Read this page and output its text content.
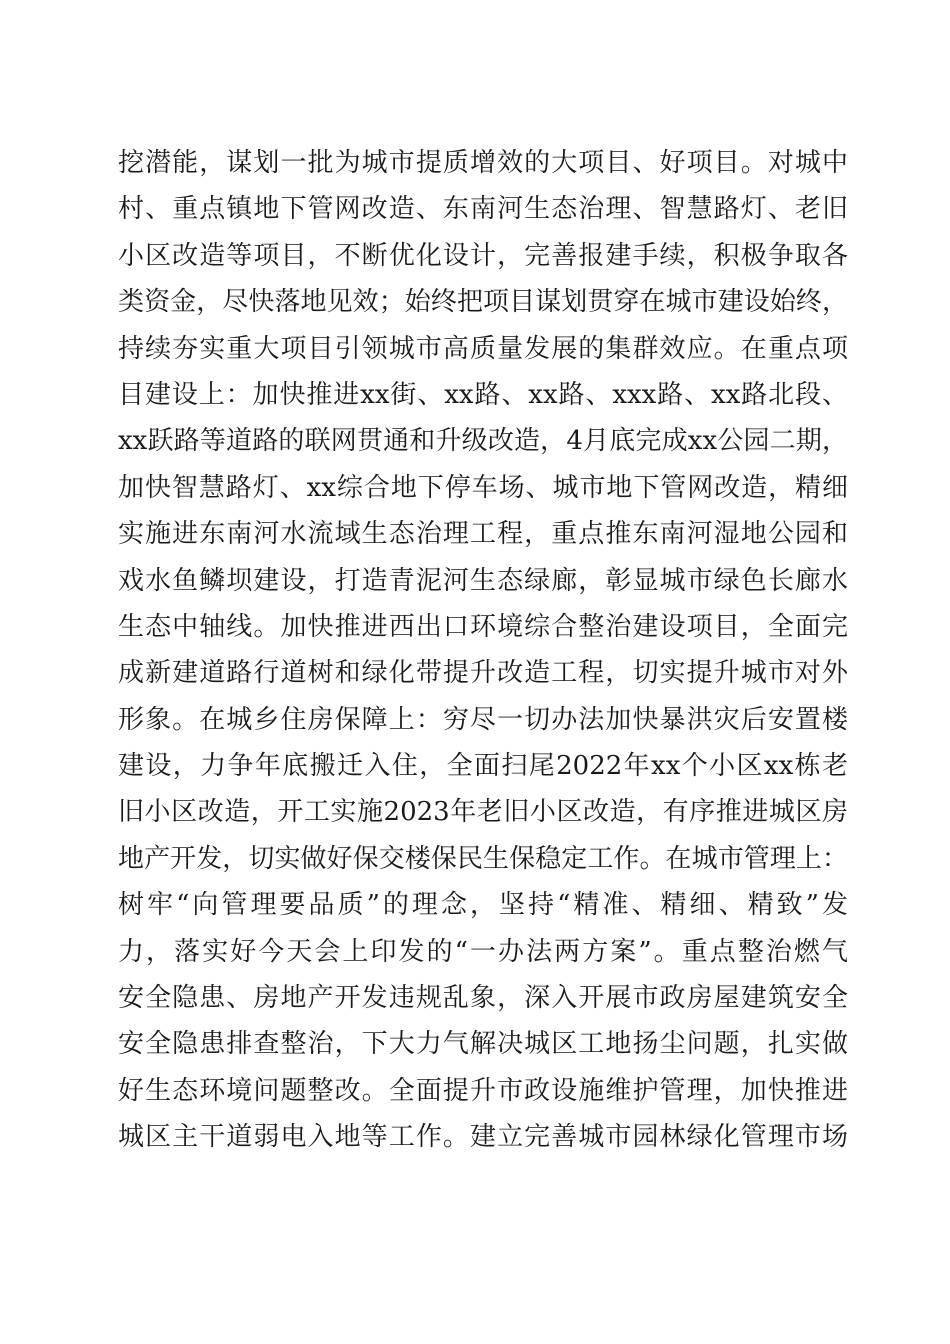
挖潜能，谋划一批为城市提质增效的大项目、好项目。对城中
村、重点镇地下管网改造、东南河生态治理、智慧路灯、老旧
小区改造等项目，不断优化设计，完善报建手续，积极争取各
类资金，尽快落地见效；始终把项目谋划贯穿在城市建设始终，
持续夯实重大项目引领城市高质量发展的集群效应。在重点项
目建设上：加快推进xx街、xx路、xx路、xxx路、xx路北段、
xx跃路等道路的联网贯通和升级改造，4月底完成xx公园二期，
加快智慧路灯、xx综合地下停车场、城市地下管网改造，精细
实施进东南河水流域生态治理工程，重点推东南河湿地公园和
戏水鱼鳞坝建设，打造青泥河生态绿廊，彰显城市绿色长廊水
生态中轴线。加快推进西出口环境综合整治建设项目，全面完
成新建道路行道树和绿化带提升改造工程，切实提升城市对外
形象。在城乡住房保障上：穷尽一切办法加快暴洪灾后安置楼
建设，力争年底搬迁入住，全面扫尾2022年xx个小区xx栋老
旧小区改造，开工实施2023年老旧小区改造，有序推进城区房
地产开发，切实做好保交楼保民生保稳定工作。在城市管理上：
树牢“向管理要品质”的理念，坚持“精准、精细、精致”发
力，落实好今天会上印发的“一办法两方案”。重点整治燃气
安全隐患、房地产开发违规乱象，深入开展市政房屋建筑安全
安全隐患排查整治，下大力气解决城区工地扬尘问题，扎实做
好生态环境问题整改。全面提升市政设施维护管理，加快推进
城区主干道弱电入地等工作。建立完善城市园林绿化管理市场
